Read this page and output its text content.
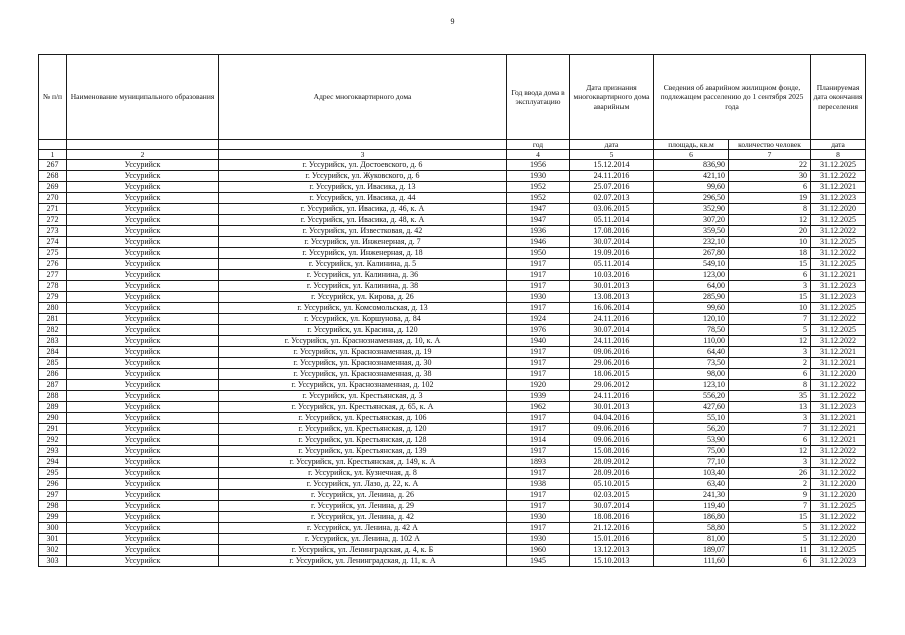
9
№ п/п	Наименование муниципального образования	Адрес многоквартирного дома	Год ввода дома в эксплуатацию	Дата признания многоквартирного дома аварийным	Сведения об аварийном жилищном фонде, подлежащем расселению до 1 сентября 2025 года		Планируемая дата окончания переселения
			год	дата	площадь, кв.м	количество человек	дата
1	2	3	4	5	6	7	8
267	Уссурийск	г. Уссурийск, ул. Достоевского, д. 6	1956	15.12.2014	836,90	22	31.12.2025
268	Уссурийск	г. Уссурийск, ул. Жуковского, д. 6	1930	24.11.2016	421,10	30	31.12.2022
269	Уссурийск	г. Уссурийск, ул. Ивасика, д. 13	1952	25.07.2016	99,60	6	31.12.2021
270	Уссурийск	г. Уссурийск, ул. Ивасика, д. 44	1952	02.07.2013	296,50	19	31.12.2023
271	Уссурийск	г. Уссурийск, ул. Ивасика, д. 46, к. А	1947	03.06.2015	352,90	8	31.12.2020
272	Уссурийск	г. Уссурийск, ул. Ивасика, д. 48, к. А	1947	05.11.2014	307,20	12	31.12.2025
273	Уссурийск	г. Уссурийск, ул. Известковая, д. 42	1936	17.08.2016	359,50	20	31.12.2022
274	Уссурийск	г. Уссурийск, ул. Инженерная, д. 7	1946	30.07.2014	232,10	10	31.12.2025
275	Уссурийск	г. Уссурийск, ул. Инженерная, д. 18	1950	19.09.2016	267,80	18	31.12.2022
276	Уссурийск	г. Уссурийск, ул. Калинина, д. 5	1917	05.11.2014	549,10	15	31.12.2025
277	Уссурийск	г. Уссурийск, ул. Калинина, д. 36	1917	10.03.2016	123,00	6	31.12.2021
278	Уссурийск	г. Уссурийск, ул. Калинина, д. 38	1917	30.01.2013	64,00	3	31.12.2023
279	Уссурийск	г. Уссурийск, ул. Кирова, д. 26	1930	13.08.2013	285,90	15	31.12.2023
280	Уссурийск	г. Уссурийск, ул. Комсомольская, д. 13	1917	16.06.2014	99,60	10	31.12.2025
281	Уссурийск	г. Уссурийск, ул. Коршунова, д. 84	1924	24.11.2016	120,10	7	31.12.2022
282	Уссурийск	г. Уссурийск, ул. Красина, д. 120	1976	30.07.2014	78,50	5	31.12.2025
283	Уссурийск	г. Уссурийск, ул. Краснознаменная, д. 10, к. А	1940	24.11.2016	110,00	12	31.12.2022
284	Уссурийск	г. Уссурийск, ул. Краснознаменная, д. 19	1917	09.06.2016	64,40	3	31.12.2021
285	Уссурийск	г. Уссурийск, ул. Краснознаменная, д. 30	1917	29.06.2016	73,50	2	31.12.2021
286	Уссурийск	г. Уссурийск, ул. Краснознаменная, д. 38	1917	18.06.2015	98,00	6	31.12.2020
287	Уссурийск	г. Уссурийск, ул. Краснознаменная, д. 102	1920	29.06.2012	123,10	8	31.12.2022
288	Уссурийск	г. Уссурийск, ул. Крестьянская, д. 3	1939	24.11.2016	556,20	35	31.12.2022
289	Уссурийск	г. Уссурийск, ул. Крестьянская, д. 65, к. А	1962	30.01.2013	427,60	13	31.12.2023
290	Уссурийск	г. Уссурийск, ул. Крестьянская, д. 106	1917	04.04.2016	55,10	3	31.12.2021
291	Уссурийск	г. Уссурийск, ул. Крестьянская, д. 120	1917	09.06.2016	56,20	7	31.12.2021
292	Уссурийск	г. Уссурийск, ул. Крестьянская, д. 128	1914	09.06.2016	53,90	6	31.12.2021
293	Уссурийск	г. Уссурийск, ул. Крестьянская, д. 139	1917	15.08.2016	75,00	12	31.12.2022
294	Уссурийск	г. Уссурийск, ул. Крестьянская, д. 149, к. А	1893	28.09.2012	77,10	3	31.12.2022
295	Уссурийск	г. Уссурийск, ул. Кузнечная, д. 8	1917	28.09.2016	103,40	26	31.12.2022
296	Уссурийск	г. Уссурийск, ул. Лазо, д. 22, к. А	1938	05.10.2015	63,40	2	31.12.2020
297	Уссурийск	г. Уссурийск, ул. Ленина, д. 26	1917	02.03.2015	241,30	9	31.12.2020
298	Уссурийск	г. Уссурийск, ул. Ленина, д. 29	1917	30.07.2014	119,40	7	31.12.2025
299	Уссурийск	г. Уссурийск, ул. Ленина, д. 42	1930	18.08.2016	186,80	15	31.12.2022
300	Уссурийск	г. Уссурийск, ул. Ленина, д. 42 А	1917	21.12.2016	58,80	5	31.12.2022
301	Уссурийск	г. Уссурийск, ул. Ленина, д. 102 А	1930	15.01.2016	81,00	5	31.12.2020
302	Уссурийск	г. Уссурийск, ул. Ленинградская, д. 4, к. Б	1960	13.12.2013	189,07	11	31.12.2025
303	Уссурийск	г. Уссурийск, ул. Ленинградская, д. 11, к. А	1945	15.10.2013	111,60	6	31.12.2023
